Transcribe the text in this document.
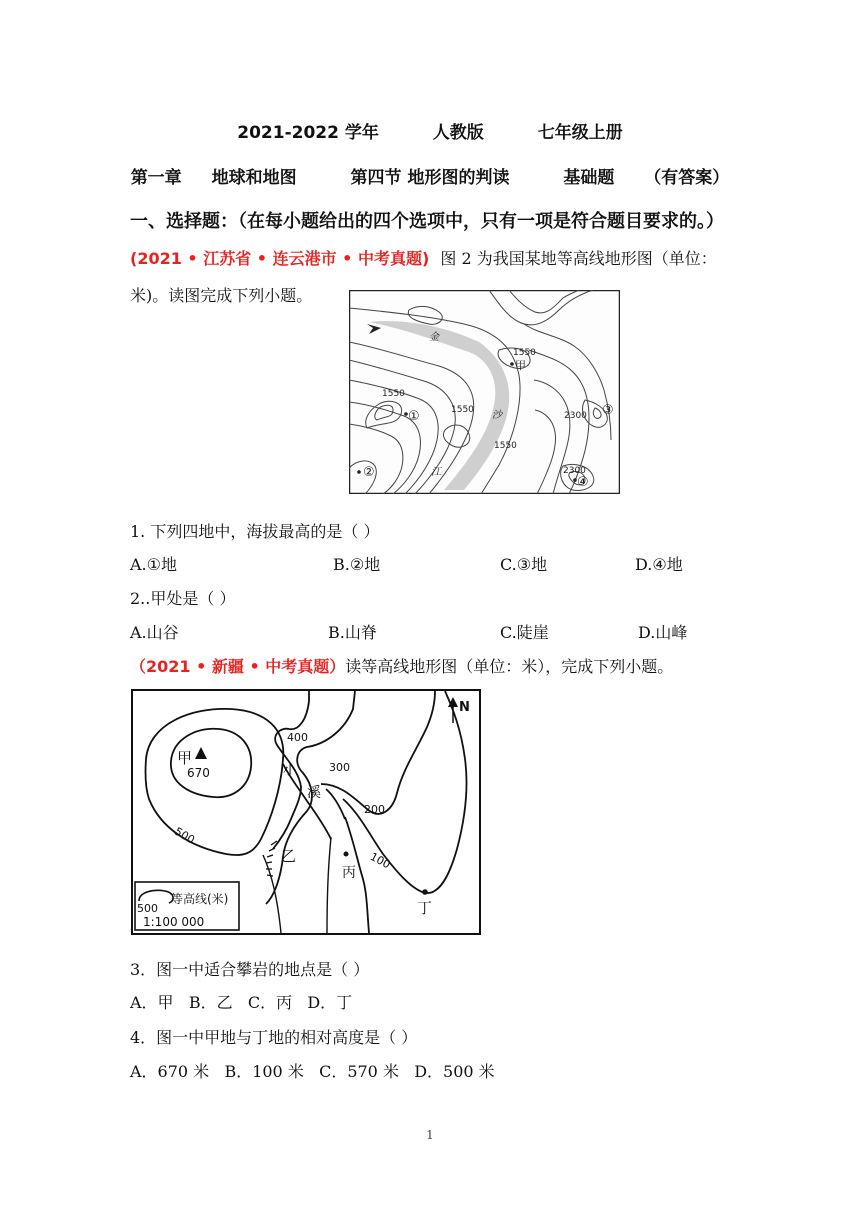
2021-2022 学年	人教版	七年级上册
第一章 地球和地图	第四节 地形图的判读	基础题 （有答案）
一、选择题：（在每小题给出的四个选项中，只有一项是符合题目要求的。）
(2021 • 江苏省 • 连云港市 • 中考真题) 图 2 为我国某地等高线地形图（单位：
米)。读图完成下列小题。
金
沙
江
1550
甲
1550
1550
1550
①
②
2300 ③
2300
④
1. 下列四地中，海拔最高的是（ ）
A.①地	B.②地	C.③地	D.④地
2..甲处是（ ）
A.山谷	B.山脊	C.陡崖	D.山峰
（2021 • 新疆 • 中考真题）读等高线地形图（单位：米），完成下列小题。
甲
670
500
400
300
200
100
小
溪
乙
丙
丁
N
500
等高线(米)
1:100 000
3．图一中适合攀岩的地点是（ ）
A．甲   B．乙   C．丙   D．丁
4．图一中甲地与丁地的相对高度是（ ）
A．670 米   B．100 米   C．570 米   D．500 米
1
